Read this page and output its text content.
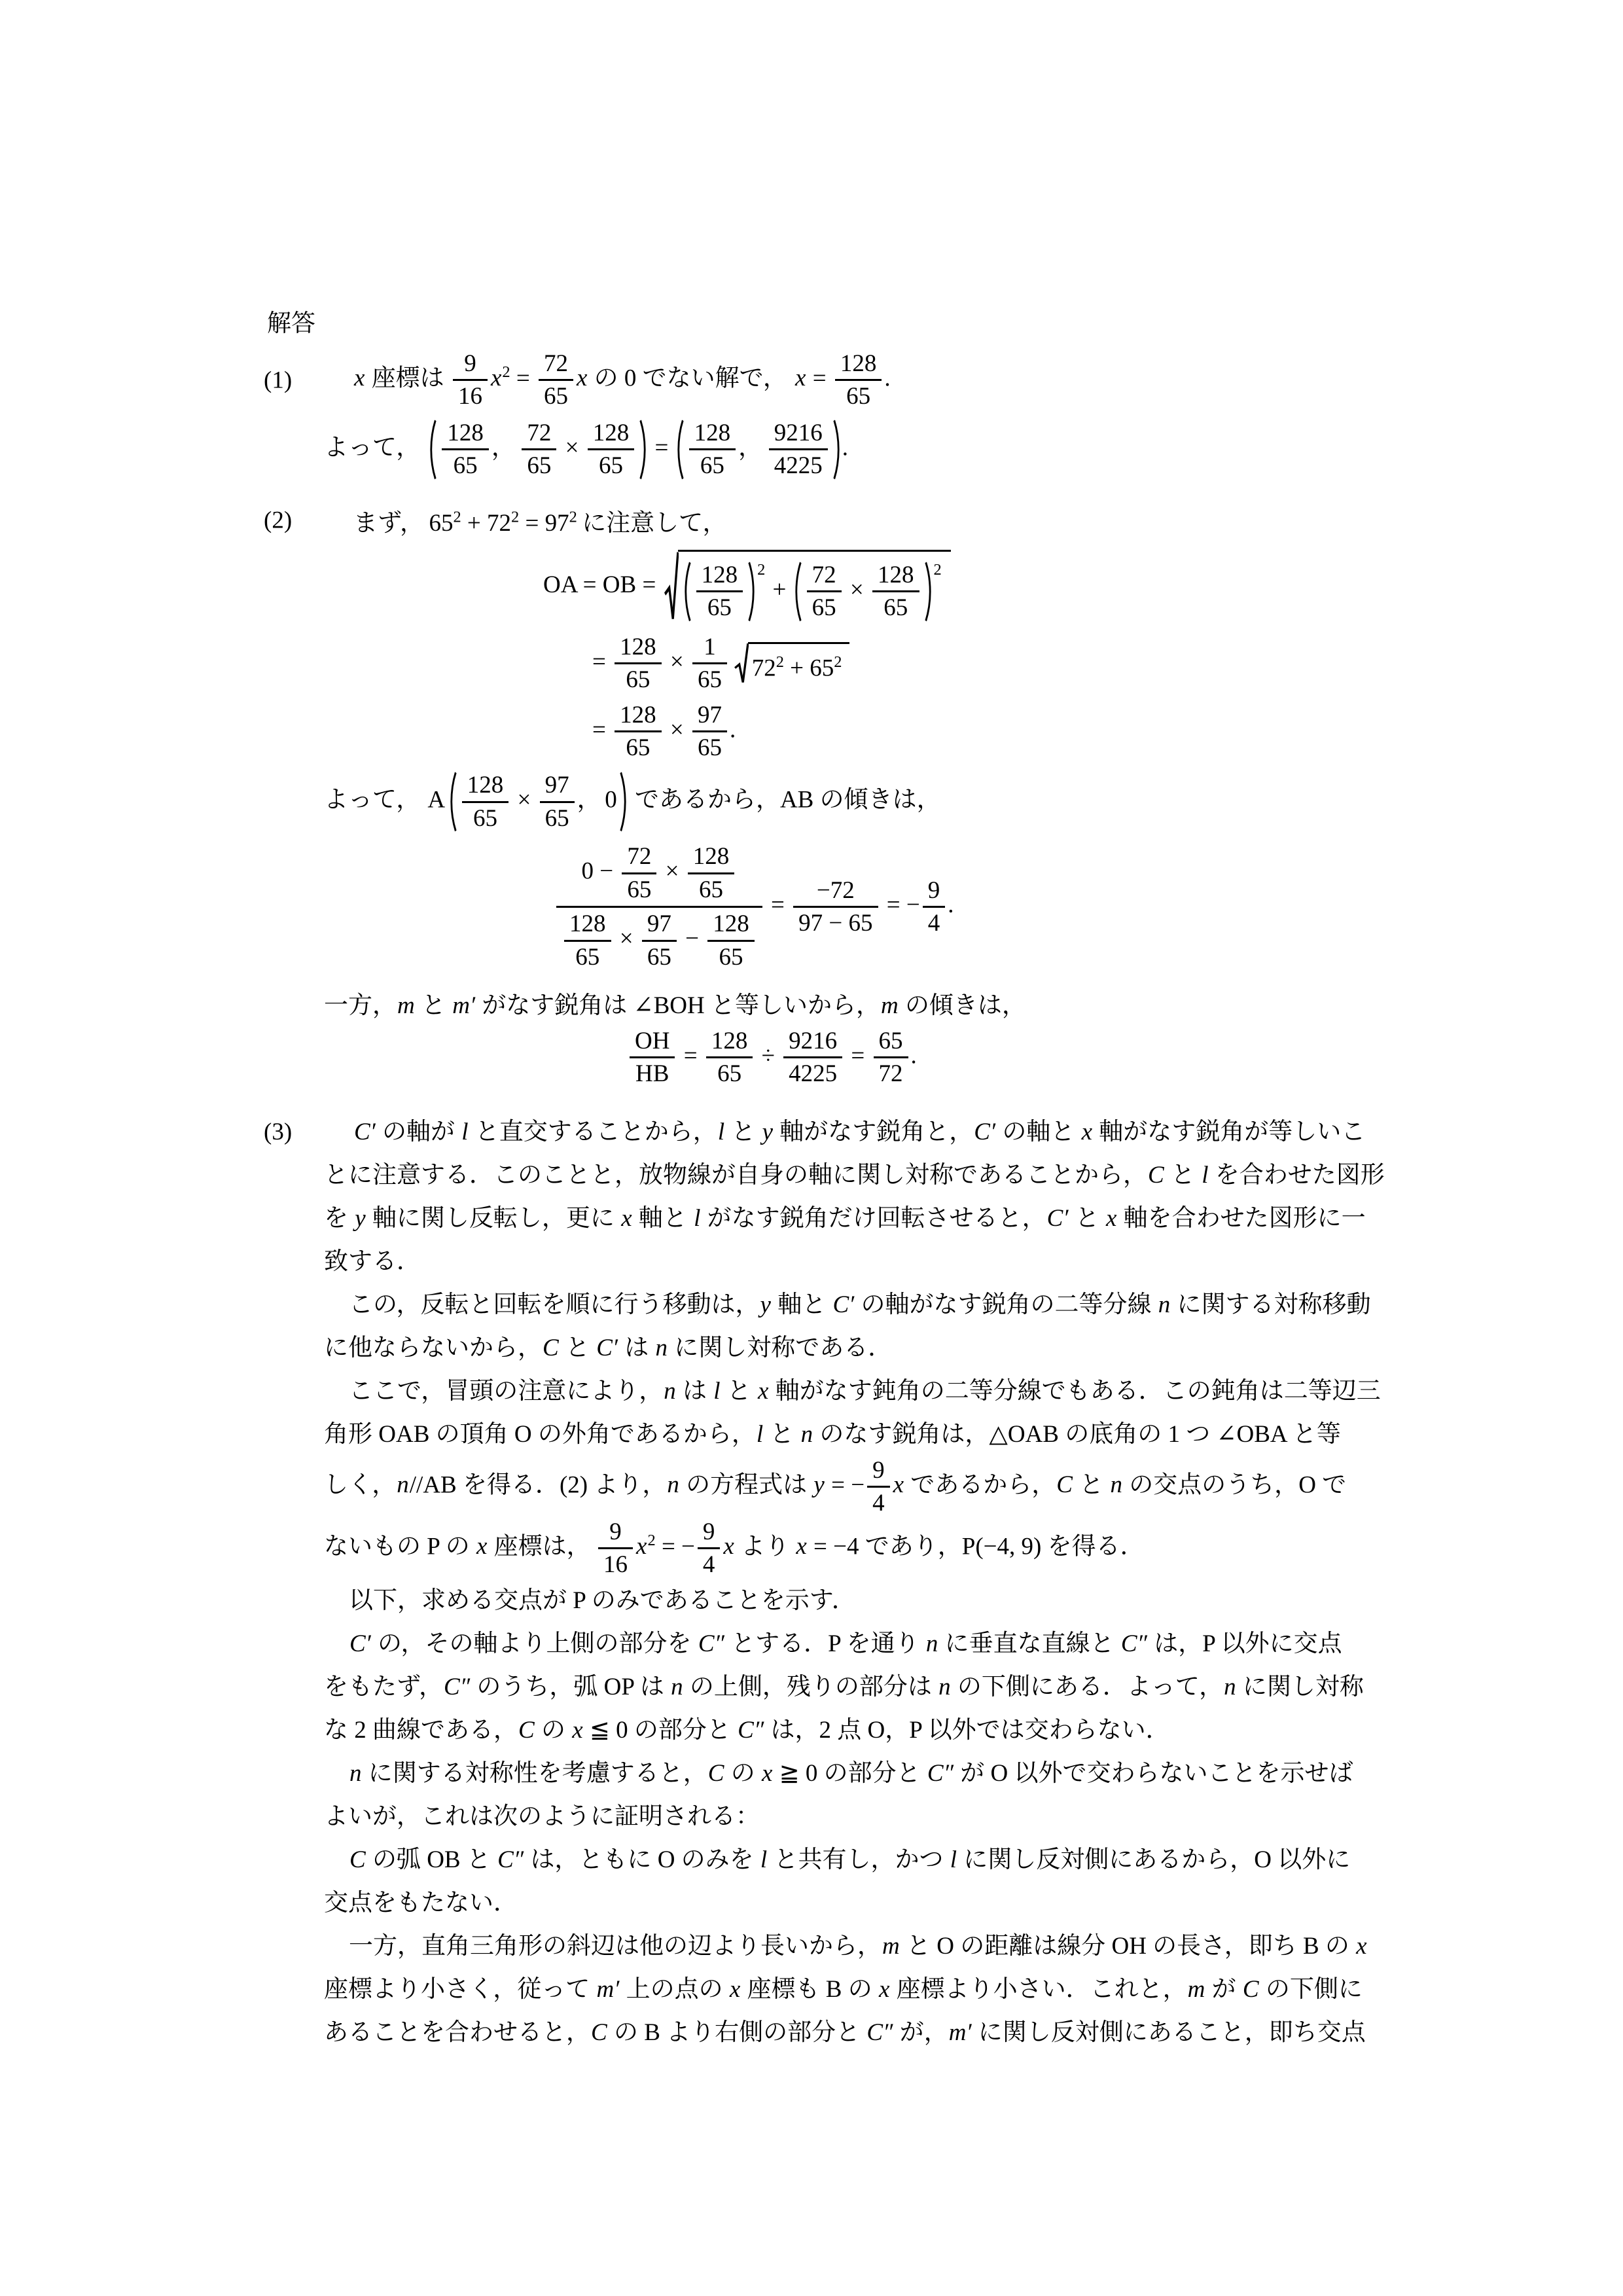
解答
x 座標は $\frac{9}{16} x^2 = \frac{72}{65}$ x の 0 でない解で， $x = \frac{128}{65}$ .
(1)
よって， $\frac{128}{65}$ ， $\frac{72}{65} \times \frac{128}{65} = \frac{128}{65}$ ， $\frac{9216}{4225}$ .
まず， $65^2 + 72^2 = 97^2$ に注意して，
(2)
OA = OB = $\frac{128}{65} 2$
+ $\frac{72}{65} \times \frac{128}{65} 2$
= $\frac{128}{65} \times \frac{1}{65} 72^2 + 65^2$
= $\frac{128}{65} \times \frac{97}{65}$ .
よって， A $\frac{128}{65} \times \frac{97}{65}$ ， 0 であるから，AB の傾きは，
$\frac{0 - \frac{72}{65} \times \frac{128}{65}}{\frac{128}{65} \times \frac{97}{65} - \frac{128}{65}} = \frac{-72}{97 - 65}$ = − $\frac{9}{4}$ .
一方，m と m′ がなす鋭角は ∠BOH と等しいから，m の傾きは，
$\frac{OH}{HB} = \frac{128}{65} \div \frac{9216}{4225} = \frac{65}{72}$ .
C′ の軸が l と直交することから，l と y 軸がなす鋭角と，C′ の軸と x 軸がなす鋭角が等しいこ
(3)
とに注意する．このことと，放物線が自身の軸に関し対称であることから，C と l を合わせた図形
を y 軸に関し反転し，更に x 軸と l がなす鋭角だけ回転させると，C′ と x 軸を合わせた図形に一
致する．
この，反転と回転を順に行う移動は，y 軸と C′ の軸がなす鋭角の二等分線 n に関する対称移動
に他ならないから，C と C′ は n に関し対称である．
ここで，冒頭の注意により，n は l と x 軸がなす鈍角の二等分線でもある．この鈍角は二等辺三
角形 OAB の頂角 O の外角であるから，l と n のなす鋭角は，△OAB の底角の 1 つ ∠OBA と等
しく，n//AB を得る．(2) より，n の方程式は y = − $\frac{9}{4}$ x であるから，C と n の交点のうち，O で
ないもの P の x 座標は， $\frac{9}{16} x^2$ = − $\frac{9}{4}$ x より x = −4 であり，P(−4, 9) を得る．
以下，求める交点が P のみであることを示す．
C′ の，その軸より上側の部分を C″ とする．P を通り n に垂直な直線と C″ は，P 以外に交点
をもたず，C″ のうち，弧 OP は n の上側，残りの部分は n の下側にある．よって，n に関し対称
な 2 曲線である，C の x ≦ 0 の部分と C″ は，2 点 O，P 以外では交わらない．
n に関する対称性を考慮すると，C の x ≧ 0 の部分と C″ が O 以外で交わらないことを示せば
よいが，これは次のように証明される：
C の弧 OB と C″ は，ともに O のみを l と共有し，かつ l に関し反対側にあるから，O 以外に
交点をもたない．
一方，直角三角形の斜辺は他の辺より長いから，m と O の距離は線分 OH の長さ，即ち B の x
座標より小さく，従って m′ 上の点の x 座標も B の x 座標より小さい．これと，m が C の下側に
あることを合わせると，C の B より右側の部分と C″ が，m′ に関し反対側にあること，即ち交点
